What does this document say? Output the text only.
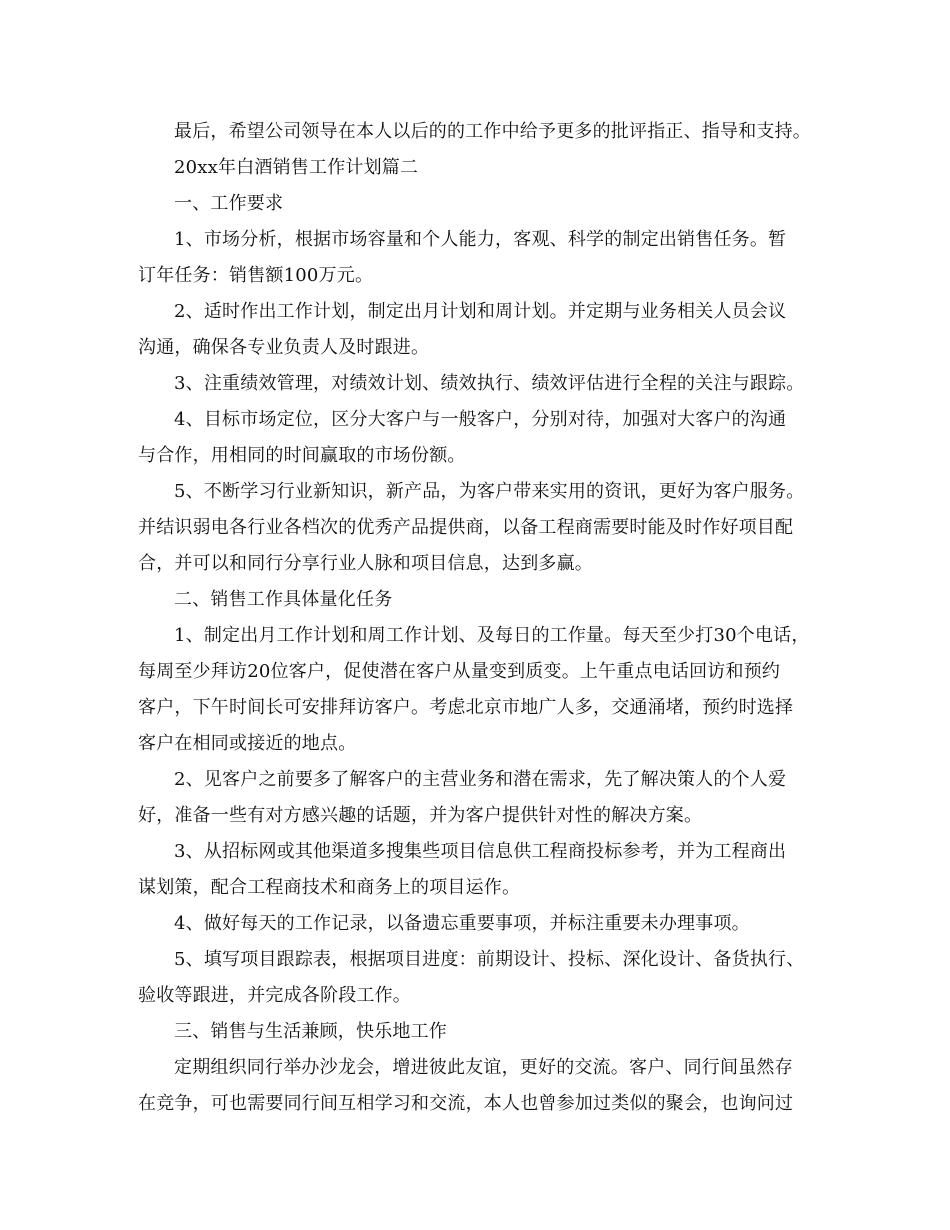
最后，希望公司领导在本人以后的的工作中给予更多的批评指正、指导和支持。
20xx年白酒销售工作计划篇二
一、工作要求
1、市场分析，根据市场容量和个人能力，客观、科学的制定出销售任务。暂
订年任务：销售额100万元。
2、适时作出工作计划，制定出月计划和周计划。并定期与业务相关人员会议
沟通，确保各专业负责人及时跟进。
3、注重绩效管理，对绩效计划、绩效执行、绩效评估进行全程的关注与跟踪。
4、目标市场定位，区分大客户与一般客户，分别对待，加强对大客户的沟通
与合作，用相同的时间赢取的市场份额。
5、不断学习行业新知识，新产品，为客户带来实用的资讯，更好为客户服务。
并结识弱电各行业各档次的优秀产品提供商，以备工程商需要时能及时作好项目配
合，并可以和同行分享行业人脉和项目信息，达到多赢。
二、销售工作具体量化任务
1、制定出月工作计划和周工作计划、及每日的工作量。每天至少打30个电话，
每周至少拜访20位客户，促使潜在客户从量变到质变。上午重点电话回访和预约
客户，下午时间长可安排拜访客户。考虑北京市地广人多，交通涌堵，预约时选择
客户在相同或接近的地点。
2、见客户之前要多了解客户的主营业务和潜在需求，先了解决策人的个人爱
好，准备一些有对方感兴趣的话题，并为客户提供针对性的解决方案。
3、从招标网或其他渠道多搜集些项目信息供工程商投标参考，并为工程商出
谋划策，配合工程商技术和商务上的项目运作。
4、做好每天的工作记录，以备遗忘重要事项，并标注重要未办理事项。
5、填写项目跟踪表，根据项目进度：前期设计、投标、深化设计、备货执行、
验收等跟进，并完成各阶段工作。
三、销售与生活兼顾，快乐地工作
定期组织同行举办沙龙会，增进彼此友谊，更好的交流。客户、同行间虽然存
在竞争，可也需要同行间互相学习和交流，本人也曾参加过类似的聚会，也询问过
